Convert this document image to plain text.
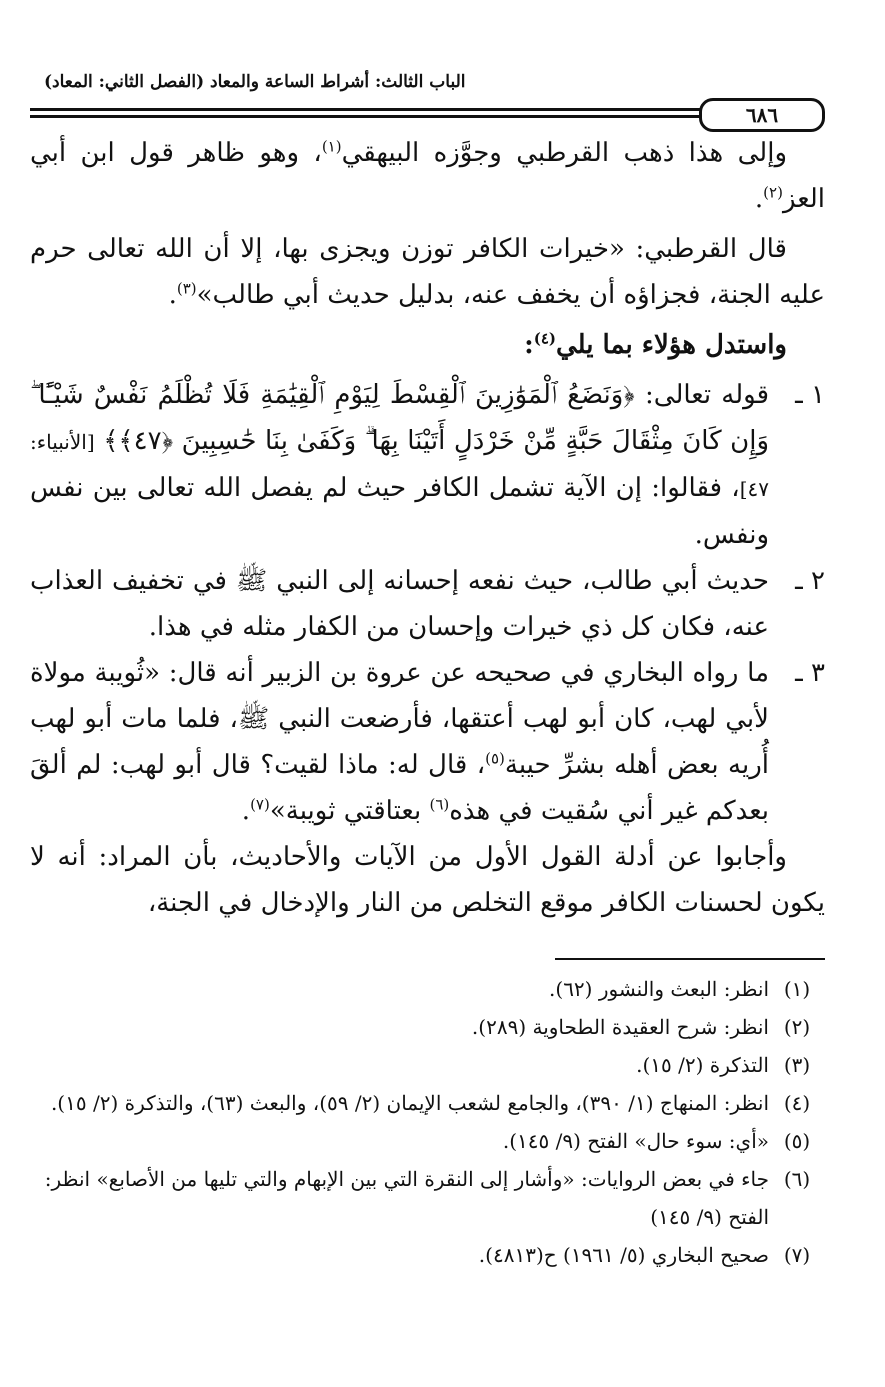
الباب الثالث: أشراط الساعة والمعاد (الفصل الثاني: المعاد)
٦٨٦

وإلى هذا ذهب القرطبي وجوَّزه البيهقي$^{(١)}$، وهو ظاهر قول ابن أبي العز$^{(٢)}$.

قال القرطبي: «خيرات الكافر توزن ويجزى بها، إلا أن الله تعالى حرم عليه الجنة، فجزاؤه أن يخفف عنه، بدليل حديث أبي طالب»$^{(٣)}$.

واستدل هؤلاء بما يلي$^{(٤)}$:

١ ـ
قوله تعالى: ﴿وَنَضَعُ ٱلْمَوَٰزِينَ ٱلْقِسْطَ لِيَوْمِ ٱلْقِيَٰمَةِ فَلَا تُظْلَمُ نَفْسٌ شَيْـًٔا ۖ وَإِن كَانَ مِثْقَالَ حَبَّةٍ مِّنْ خَرْدَلٍ أَتَيْنَا بِهَا ۗ وَكَفَىٰ بِنَا حَٰسِبِينَ ﴿٤٧﴾﴾ [الأنبياء: ٤٧]، فقالوا: إن الآية تشمل الكافر حيث لم يفصل الله تعالى بين نفس ونفس.
٢ ـ
حديث أبي طالب، حيث نفعه إحسانه إلى النبي ﷺ في تخفيف العذاب عنه، فكان كل ذي خيرات وإحسان من الكفار مثله في هذا.
٣ ـ
ما رواه البخاري في صحيحه عن عروة بن الزبير أنه قال: «ثُويبة مولاة لأبي لهب، كان أبو لهب أعتقها، فأرضعت النبي ﷺ، فلما مات أبو لهب أُريه بعض أهله بشرِّ حيبة$^{(٥)}$، قال له: ماذا لقيت؟ قال أبو لهب: لم ألقَ بعدكم غير أني سُقيت في هذه$^{(٦)}$ بعتاقتي ثويبة»$^{(٧)}$.

وأجابوا عن أدلة القول الأول من الآيات والأحاديث، بأن المراد: أنه لا يكون لحسنات الكافر موقع التخلص من النار والإدخال في الجنة،

(١)
انظر: البعث والنشور (٦٢).
(٢)
انظر: شرح العقيدة الطحاوية (٢٨٩).
(٣)
التذكرة (٢/ ١٥).
(٤)
انظر: المنهاج (١/ ٣٩٠)، والجامع لشعب الإيمان (٢/ ٥٩)، والبعث (٦٣)، والتذكرة (٢/ ١٥).
(٥)
«أي: سوء حال» الفتح (٩/ ١٤٥).
(٦)
جاء في بعض الروايات: «وأشار إلى النقرة التي بين الإبهام والتي تليها من الأصابع» انظر: الفتح (٩/ ١٤٥)
(٧)
صحيح البخاري (٥/ ١٩٦١) ح(٤٨١٣).
